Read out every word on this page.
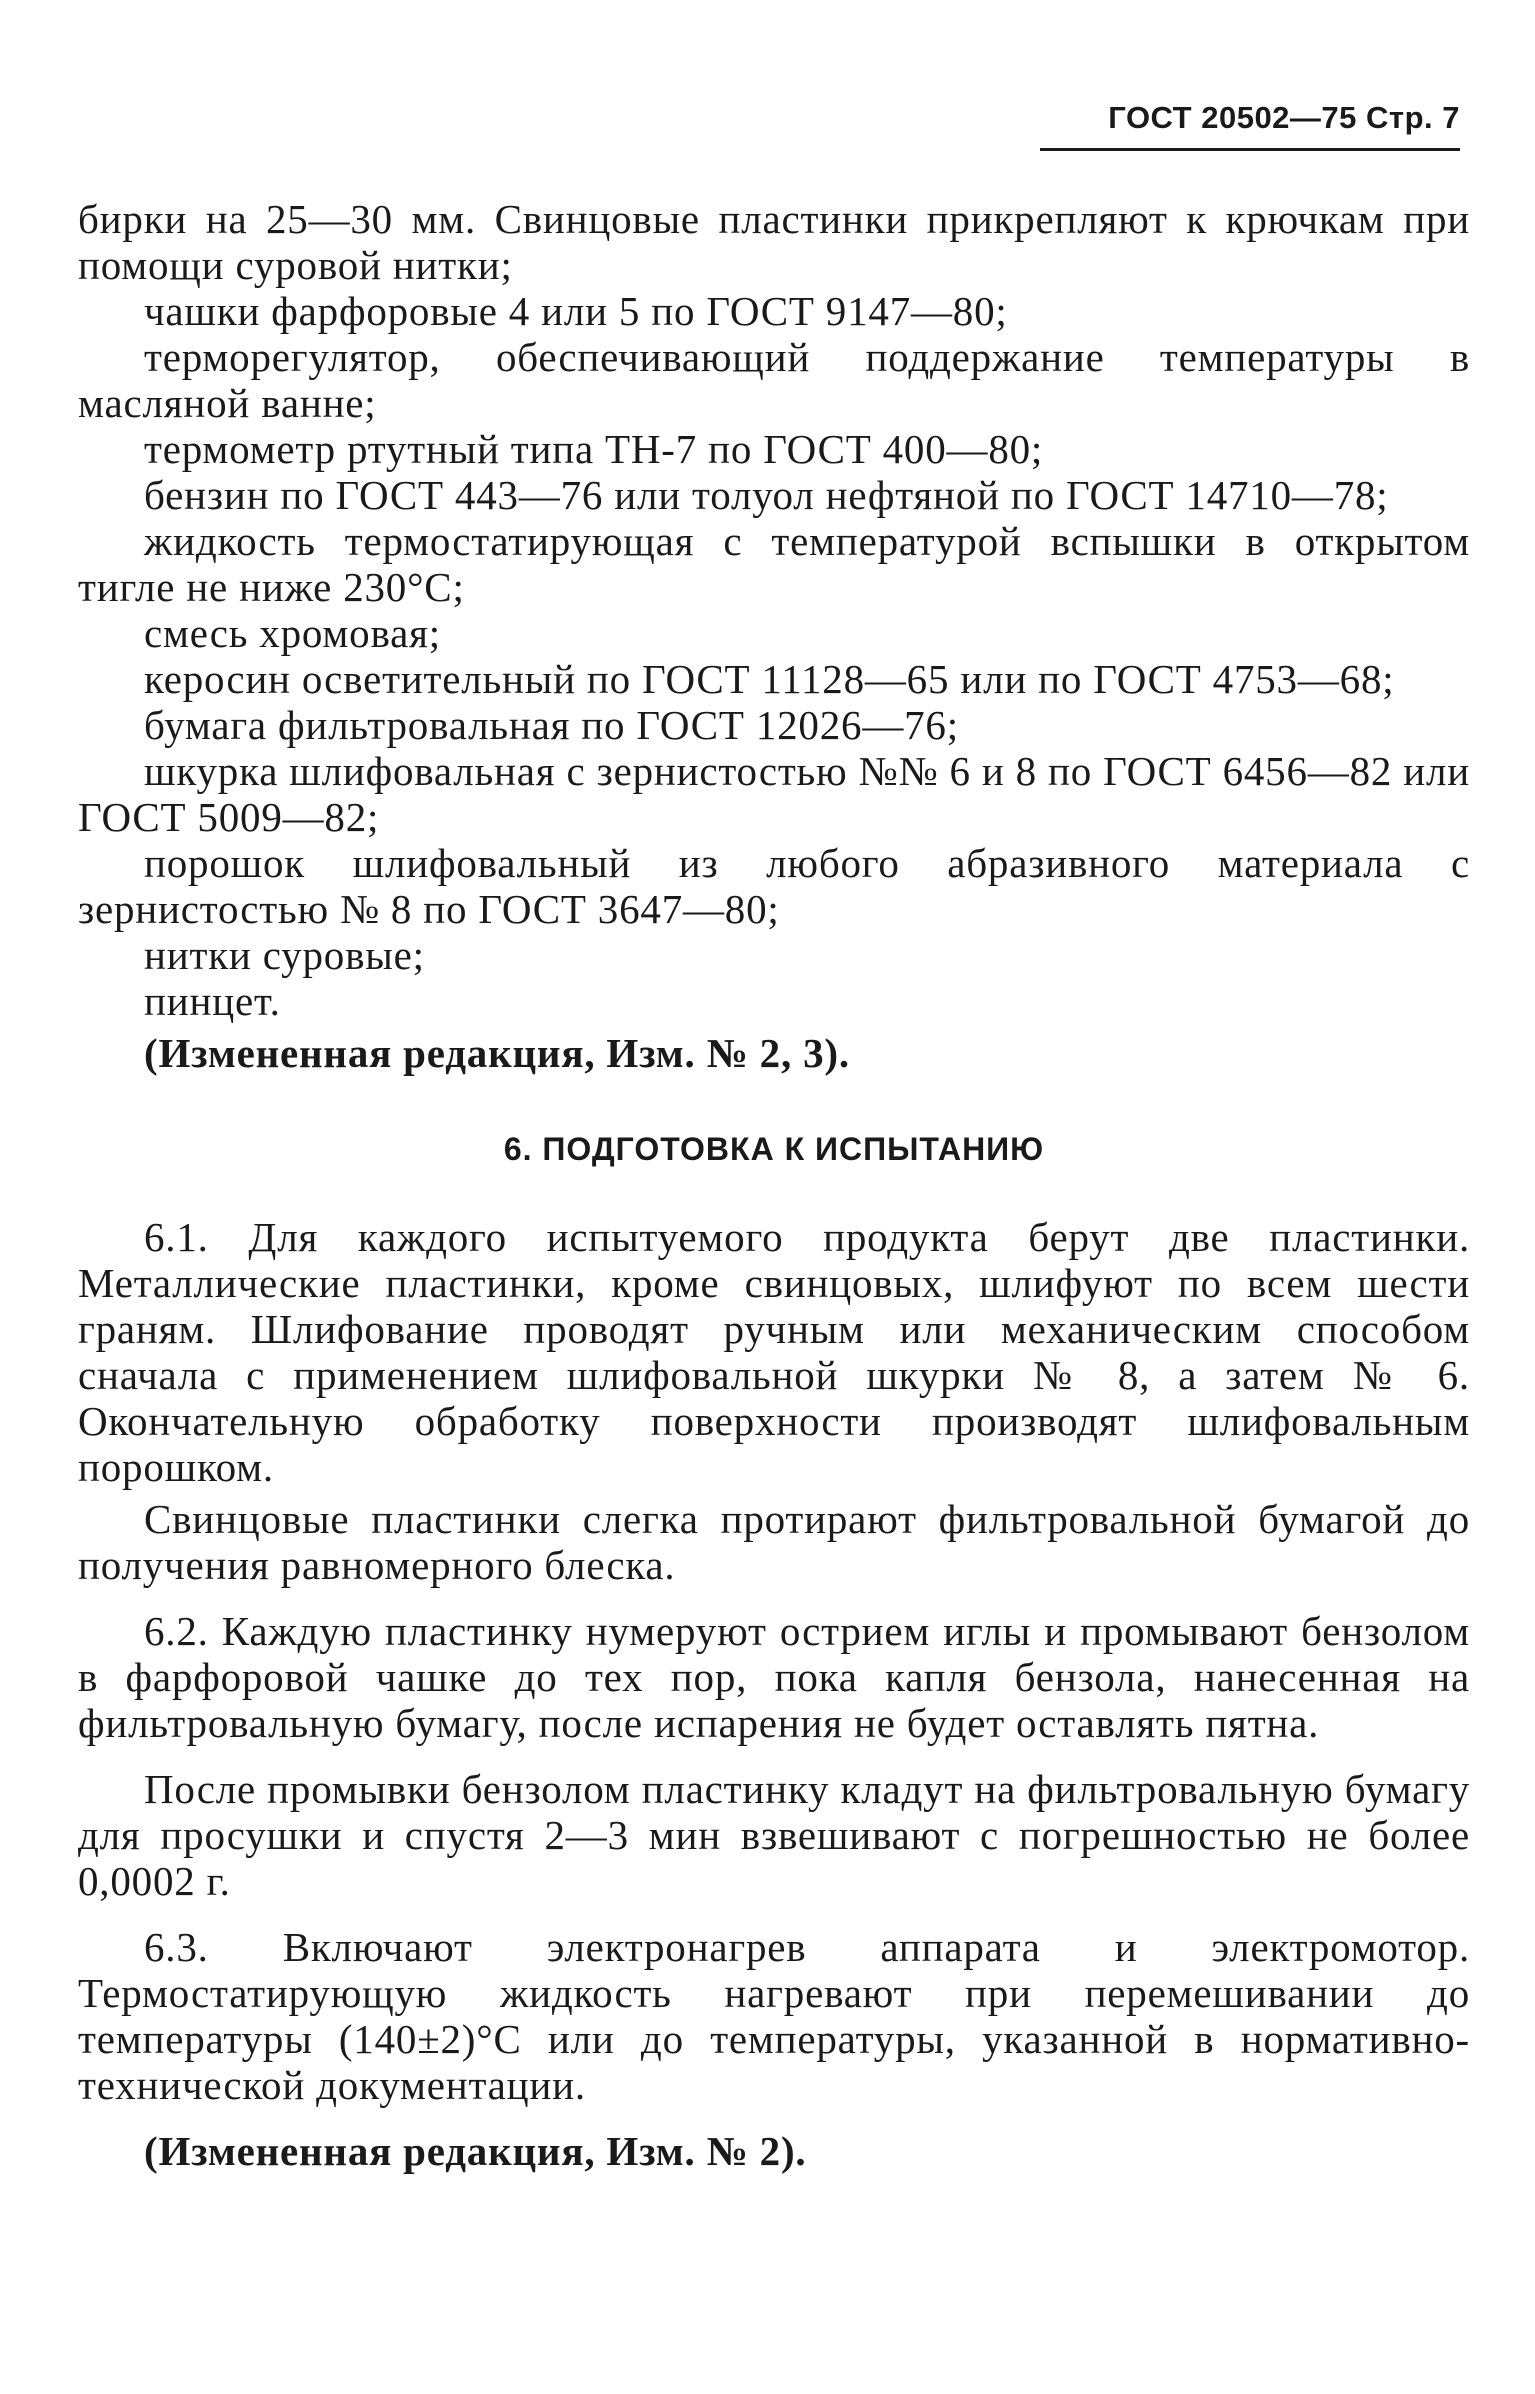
ГОСТ 20502—75 Стр. 7

бирки на 25—30 мм. Свинцовые пластинки прикрепляют к крючкам при помощи суровой нитки;

чашки фарфоровые 4 или 5 по ГОСТ 9147—80;

терморегулятор, обеспечивающий поддержание температуры в масляной ванне;

термометр ртутный типа ТН-7 по ГОСТ 400—80;

бензин по ГОСТ 443—76 или толуол нефтяной по ГОСТ 14710—78;

жидкость термостатирующая с температурой вспышки в открытом тигле не ниже 230°С;

смесь хромовая;

керосин осветительный по ГОСТ 11128—65 или по ГОСТ 4753—68;

бумага фильтровальная по ГОСТ 12026—76;

шкурка шлифовальная с зернистостью №№ 6 и 8 по ГОСТ 6456—82 или ГОСТ 5009—82;

порошок шлифовальный из любого абразивного материала с зернистостью № 8 по ГОСТ 3647—80;

нитки суровые;

пинцет.

(Измененная редакция, Изм. № 2, 3).

6. ПОДГОТОВКА К ИСПЫТАНИЮ

6.1. Для каждого испытуемого продукта берут две пластинки. Металлические пластинки, кроме свинцовых, шлифуют по всем шести граням. Шлифование проводят ручным или механическим способом сначала с применением шлифовальной шкурки № 8, а затем № 6. Окончательную обработку поверхности производят шлифовальным порошком.

Свинцовые пластинки слегка протирают фильтровальной бумагой до получения равномерного блеска.

6.2. Каждую пластинку нумеруют острием иглы и промывают бензолом в фарфоровой чашке до тех пор, пока капля бензола, нанесенная на фильтровальную бумагу, после испарения не будет оставлять пятна.

После промывки бензолом пластинку кладут на фильтровальную бумагу для просушки и спустя 2—3 мин взвешивают с погрешностью не более 0,0002 г.

6.3. Включают электронагрев аппарата и электромотор. Термостатирующую жидкость нагревают при перемешивании до температуры (140±2)°С или до температуры, указанной в нормативно-технической документации.

(Измененная редакция, Изм. № 2).
